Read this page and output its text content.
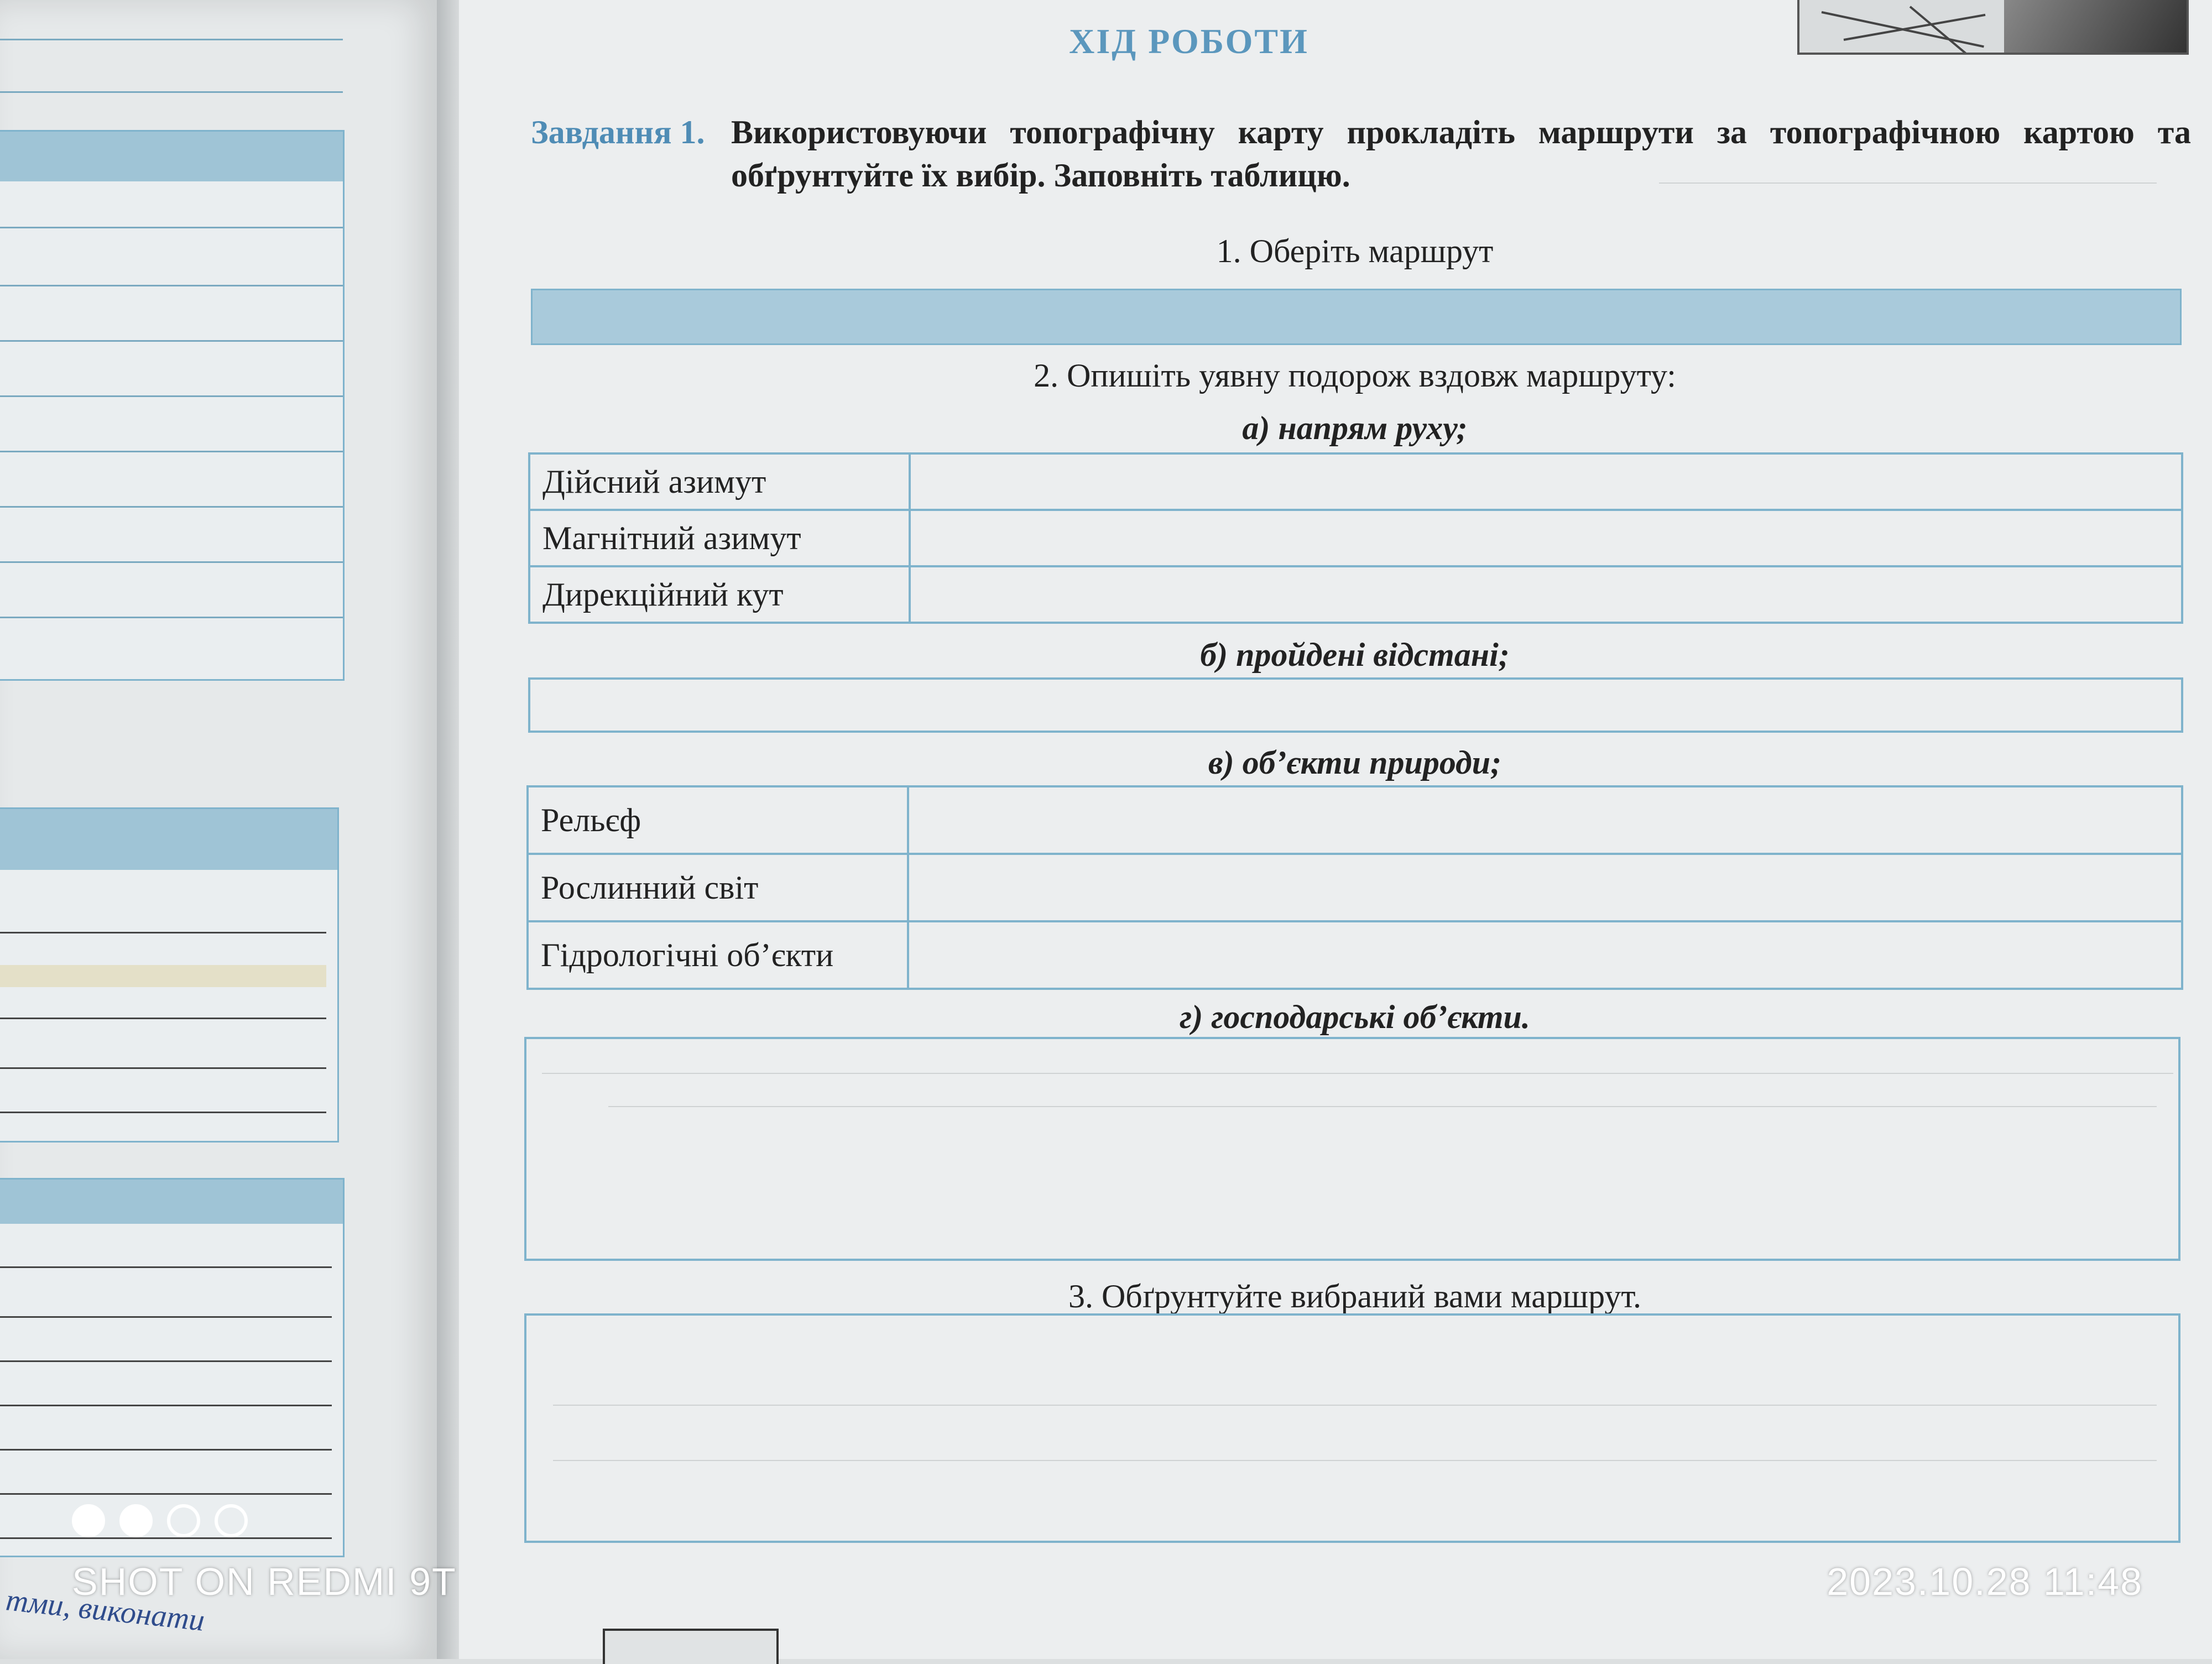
тми, виконати
ХІД РОБОТИ
Завдання 1. Використовуючи топографічну карту прокладіть маршрути за топографічною картою та обґрунтуйте їх вибір. Заповніть таблицю.
1. Оберіть маршрут
2. Опишіть уявну подорож вздовж маршруту:
а) напрям руху;
Дійсний азимут	
Магнітний азимут	
Дирекційний кут	
б) пройдені відстані;
в) об’єкти природи;
Рельєф	
Рослинний світ	
Гідрологічні об’єкти	
г) господарські об’єкти.
3. Обґрунтуйте вибраний вами маршрут.
SHOT ON REDMI 9T	2023.10.28 11:48
